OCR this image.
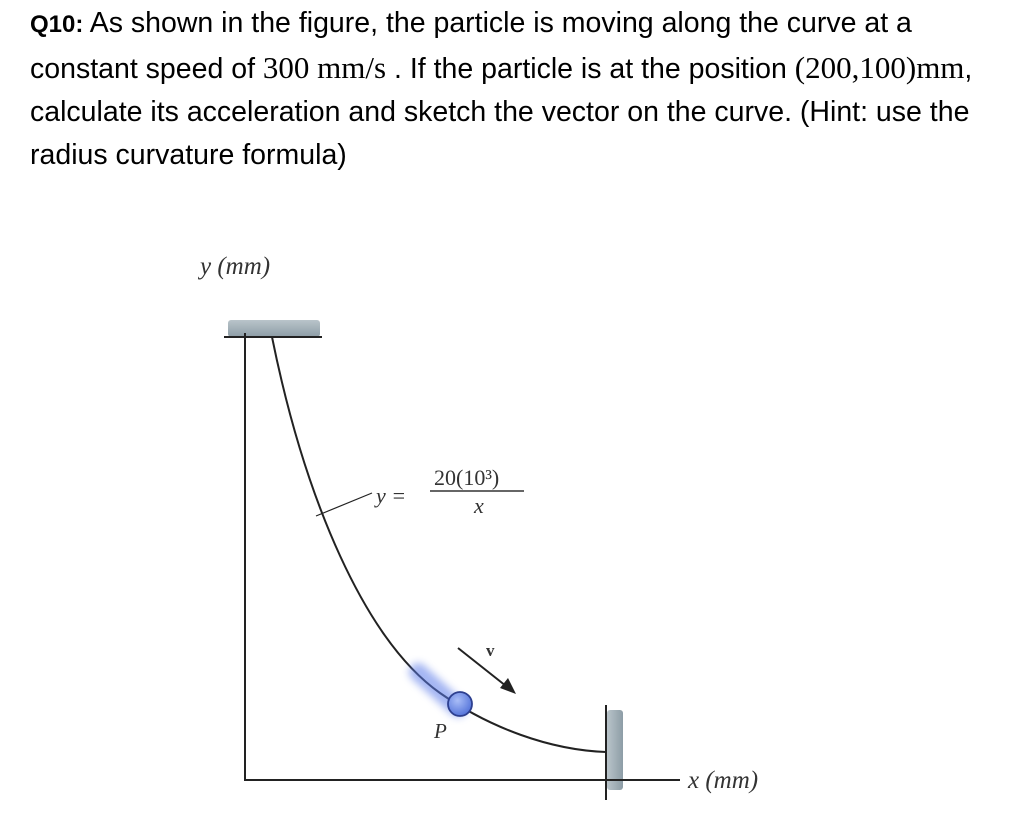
Q10: As shown in the figure, the particle is moving along the curve at a constant speed of 300 mm/s . If the particle is at the position (200,100)mm, calculate its acceleration and sketch the vector on the curve. (Hint: use the radius curvature formula)

y (mm)
x (mm)
y =
20(10³)
x
v
P
